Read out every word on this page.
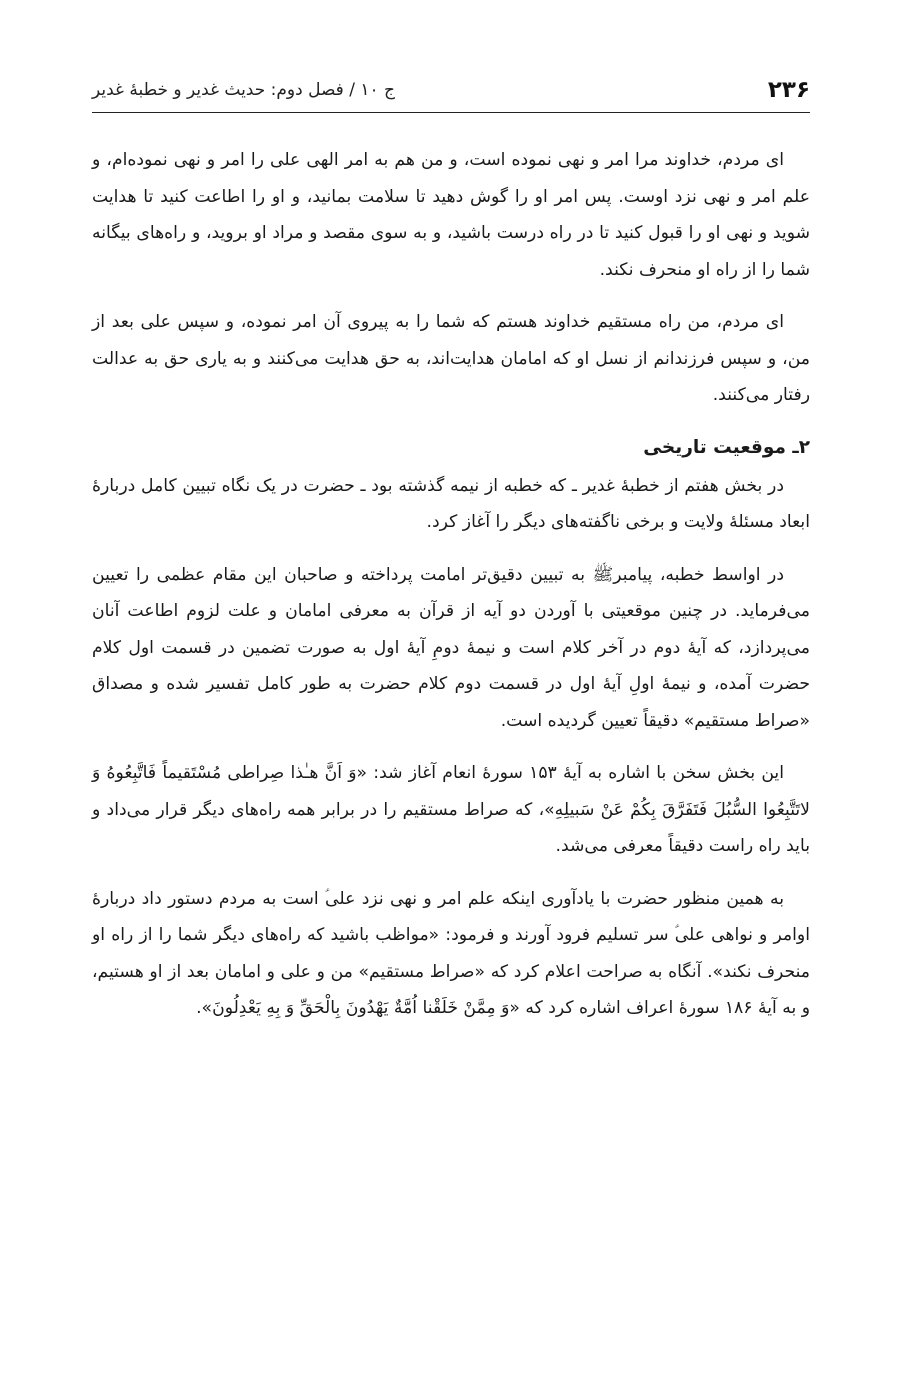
۲۳۶
ج ۱۰ / فصل دوم: حدیث غدیر و خطبهٔ غدیر

ای مردم، خداوند مرا امر و نهی نموده است، و من هم به امر الهی علی را امر و نهی نموده‌ام، و علم امر و نهی نزد اوست. پس امر او را گوش دهید تا سلامت بمانید، و او را اطاعت کنید تا هدایت شوید و نهی او را قبول کنید تا در راه درست باشید، و به سوی مقصد و مراد او بروید، و راه‌های بیگانه شما را از راه او منحرف نکند.

ای مردم، من راه مستقیم خداوند هستم که شما را به پیروی آن امر نموده، و سپس علی بعد از من، و سپس فرزندانم از نسل او که امامان هدایت‌اند، به حق هدایت می‌کنند و به یاری حق به عدالت رفتار می‌کنند.

۲ـ موقعیت تاریخی

در بخش هفتم از خطبهٔ غدیر ـ که خطبه از نیمه گذشته بود ـ حضرت در یک نگاه تبیین کامل دربارهٔ ابعاد مسئلهٔ ولایت و برخی ناگفته‌های دیگر را آغاز کرد.

در اواسط خطبه، پیامبرﷺ به تبیین دقیق‌تر امامت پرداخته و صاحبان این مقام عظمی را تعیین می‌فرماید. در چنین موقعیتی با آوردن دو آیه از قرآن به معرفی امامان و علت لزوم اطاعت آنان می‌پردازد، که آیهٔ دوم در آخر کلام است و نیمهٔ دومِ آیهٔ اول به صورت تضمین در قسمت اول کلام حضرت آمده، و نیمهٔ اولِ آیهٔ اول در قسمت دوم کلام حضرت به طور کامل تفسیر شده و مصداق «صراط مستقیم» دقیقاً تعیین گردیده است.

این بخش سخن با اشاره به آیهٔ ۱۵۳ سورهٔ انعام آغاز شد: «وَ اَنَّ هـٰذا صِراطی مُسْتَقیماً فَاتَّبِعُوهُ وَ لاتَتَّبِعُوا السُّبُلَ فَتَفَرَّقَ بِکُمْ عَنْ سَبیلِهِ»، که صراط مستقیم را در برابر همه راه‌های دیگر قرار می‌داد و باید راه راست دقیقاً معرفی می‌شد.

به همین منظور حضرت با یادآوری اینکه علم امر و نهی نزد علی‌ؑ است به مردم دستور داد دربارهٔ اوامر و نواهی علی‌ؑ سر تسلیم فرود آورند و فرمود: «مواظب باشید که راه‌های دیگر شما را از راه او منحرف نکند». آنگاه به صراحت اعلام کرد که «صراط مستقیم» من و علی و امامان بعد از او هستیم، و به آیهٔ ۱۸۶ سورهٔ اعراف اشاره کرد که «وَ مِمَّنْ خَلَقْنا اُمَّةٌ یَهْدُونَ بِالْحَقِّ وَ بِهِ یَعْدِلُونَ».
